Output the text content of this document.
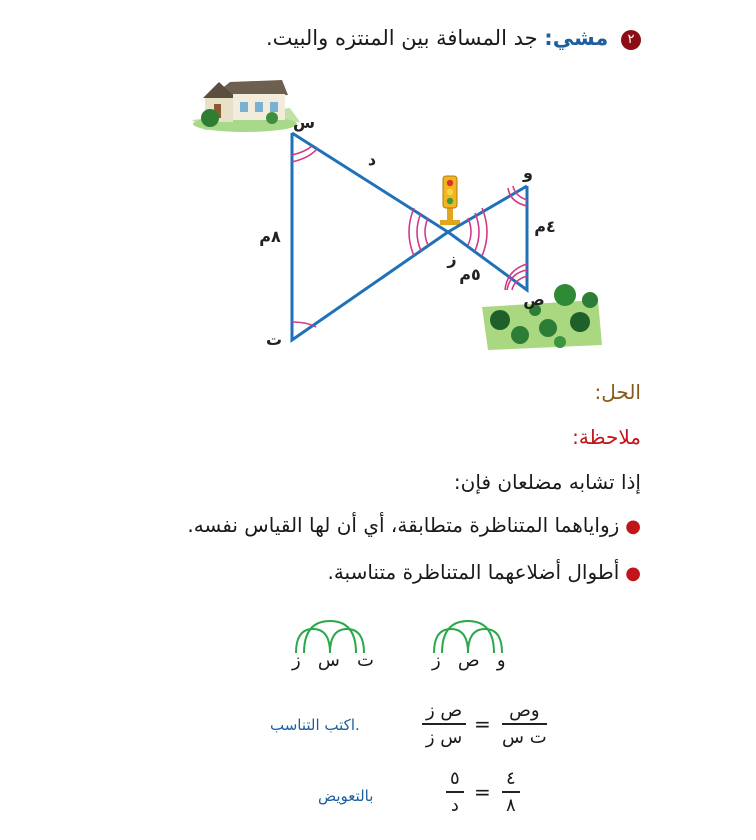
٢ مشي: جد المسافة بين المنتزه والبيت.
س
ت
ز
و
ص
د
٨م
٤م
٥م
الحل:
ملاحظة:
إذا تشابه مضلعان فإن:
●زواياهما المتناظرة متطابقة، أي أن لها القياس نفسه.
●أطوال أضلاعهما المتناظرة متناسبة.
ت   س   ز	و   ص   ز
وص
ت س
=
ص ز
س ز
اكتب التناسب.
٤
٨
=
٥
د
بالتعويض
